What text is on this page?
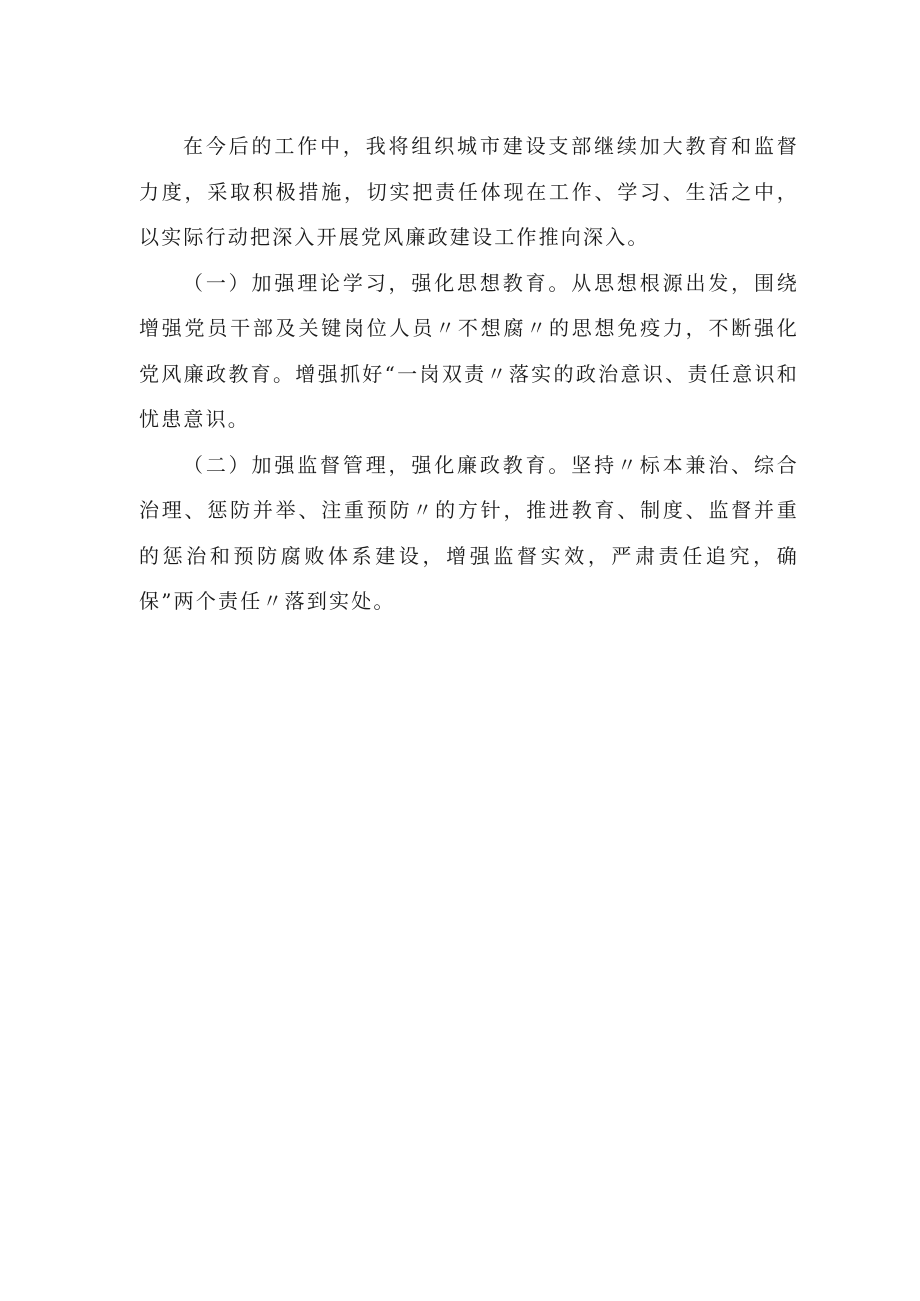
在今后的工作中，我将组织城市建设支部继续加大教育和监督力度，采取积极措施，切实把责任体现在工作、学习、生活之中，以实际行动把深入开展党风廉政建设工作推向深入。

（一）加强理论学习，强化思想教育。从思想根源出发，围绕增强党员干部及关键岗位人员〃不想腐〃的思想免疫力，不断强化党风廉政教育。增强抓好“一岗双责〃落实的政治意识、责任意识和忧患意识。

（二）加强监督管理，强化廉政教育。坚持〃标本兼治、综合治理、惩防并举、注重预防〃的方针，推进教育、制度、监督并重的惩治和预防腐败体系建设，增强监督实效，严肃责任追究，确保”两个责任〃落到实处。
